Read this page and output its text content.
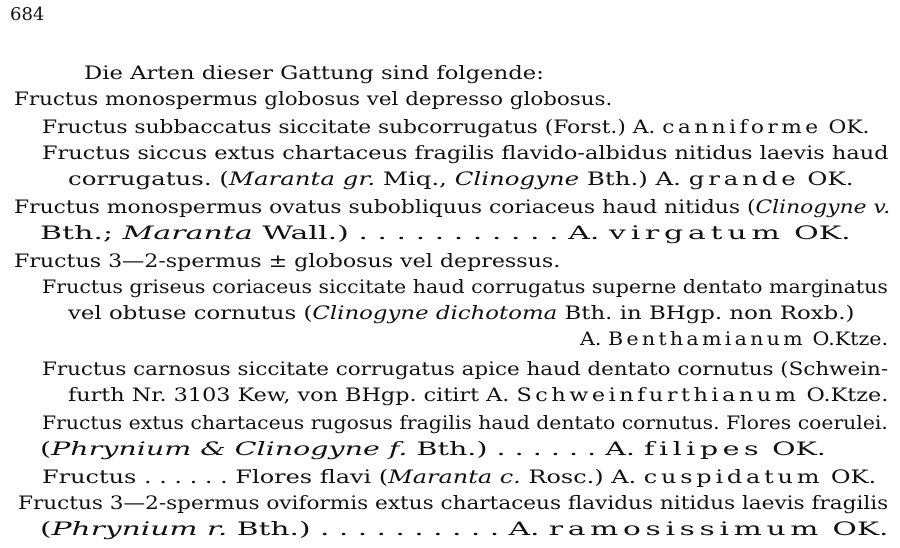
684
Die Arten dieser Gattung sind folgende:
Fructus monospermus globosus vel depresso globosus.
Fructus subbaccatus siccitate subcorrugatus (Forst.) A. canniforme OK.
Fructus siccus extus chartaceus fragilis flavido-albidus nitidus laevis haud
corrugatus. (Maranta gr. Miq., Clinogyne Bth.) A. grande OK.
Fructus monospermus ovatus subobliquus coriaceus haud nitidus (Clinogyne v.
Bth.; Maranta Wall.) . . . . . . . . . . . A. virgatum OK.
Fructus 3—2-spermus ± globosus vel depressus.
Fructus griseus coriaceus siccitate haud corrugatus superne dentato marginatus
vel obtuse cornutus (Clinogyne dichotoma Bth. in BHgp. non Roxb.)
A. Benthamianum O.Ktze.
Fructus carnosus siccitate corrugatus apice haud dentato cornutus (Schwein-
furth Nr. 3103 Kew, von BHgp. citirt A. Schweinfurthianum O.Ktze.
Fructus extus chartaceus rugosus fragilis haud dentato cornutus. Flores coerulei.
(Phrynium & Clinogyne f. Bth.) . . . . . . A. filipes OK.
Fructus . . . . . . Flores flavi (Maranta c. Rosc.) A. cuspidatum OK.
Fructus 3—2-spermus oviformis extus chartaceus flavidus nitidus laevis fragilis
(Phrynium r. Bth.) . . . . . . . . . . A. ramosissimum OK.
